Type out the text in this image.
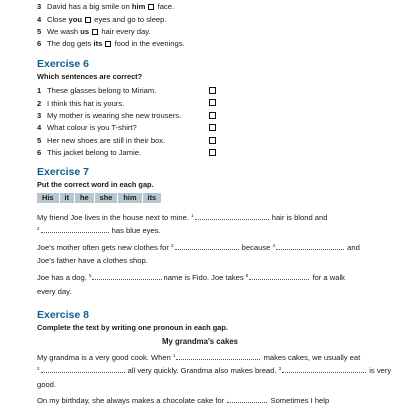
3 David has a big smile on him  face.
4 Close you  eyes and go to sleep.
5 We wash us  hair every day.
6 The dog gets its  food in the evenings.
Exercise 6
Which sentences are correct?
1 These glasses belong to Miriam.
2 I think this hat is yours.
3 My mother is wearing she new trousers.
4 What colour is you T-shirt?
5 Her new shoes are still in their box.
6 This jacket belong to Jamie.
Exercise 7
Put the correct word in each gap.
His	it	he	she	him	its
My friend Joe lives in the house next to mine. $^1$	hair is blond and
$^2$	has blue eyes.
Joe's mother often gets new clothes for $^3$	because $^4$	and
Joe's father have a clothes shop.
Joe has a dog. $^5$	name is Fido. Joe takes $^6$	for a walk
every day.
Exercise 8
Complete the text by writing one pronoun in each gap.
My grandma's cakes
My grandma is a very good cook. When $^1$	makes cakes, we usually eat
$^2$	all very quickly. Grandma also makes bread. $^3$	is very
good.
On my birthday, she always makes a chocolate cake for	Sometimes I help
